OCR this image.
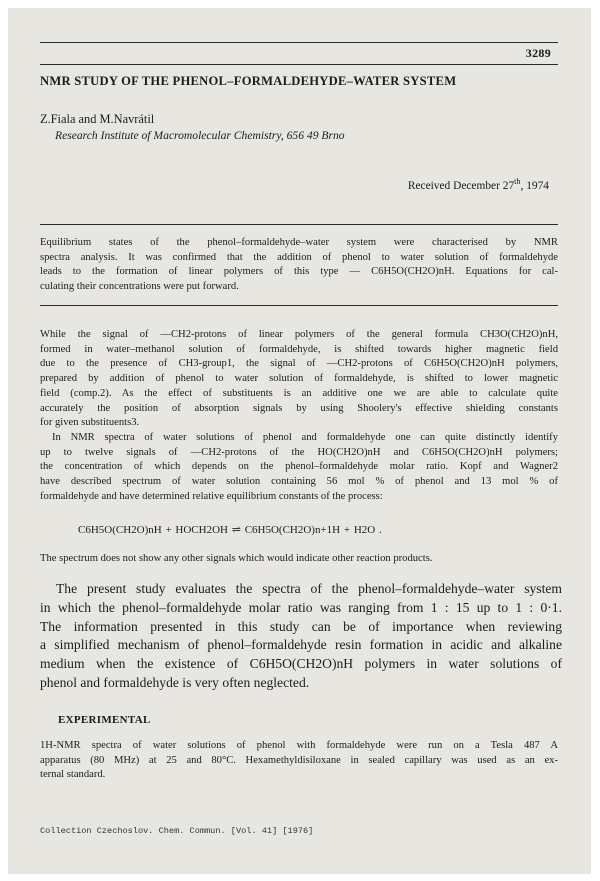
3289
NMR STUDY OF THE PHENOL–FORMALDEHYDE–WATER SYSTEM
Z.Fiala and M.Navrátil
Research Institute of Macromolecular Chemistry, 656 49 Brno
Received December 27th, 1974
Equilibrium states of the phenol–formaldehyde–water system were characterised by NMR
spectra analysis. It was confirmed that the addition of phenol to water solution of formaldehyde
leads to the formation of linear polymers of this type — C6H5O(CH2O)nH. Equations for cal-
culating their concentrations were put forward.
While the signal of —CH2-protons of linear polymers of the general formula CH3O(CH2O)nH,
formed in water–methanol solution of formaldehyde, is shifted towards higher magnetic field
due to the presence of CH3-group1, the signal of —CH2-protons of C6H5O(CH2O)nH polymers,
prepared by addition of phenol to water solution of formaldehyde, is shifted to lower magnetic
field (comp.2). As the effect of substituents is an additive one we are able to calculate quite
accurately the position of absorption signals by using Shoolery's effective shielding constants
for given substituents3.
In NMR spectra of water solutions of phenol and formaldehyde one can quite distinctly identify
up to twelve signals of —CH2-protons of the HO(CH2O)nH and C6H5O(CH2O)nH polymers;
the concentration of which depends on the phenol–formaldehyde molar ratio. Kopf and Wagner2
have described spectrum of water solution containing 56 mol % of phenol and 13 mol % of
formaldehyde and have determined relative equilibrium constants of the process:
C6H5O(CH2O)nH + HOCH2OH ⇌ C6H5O(CH2O)n+1H + H2O .
The spectrum does not show any other signals which would indicate other reaction products.
The present study evaluates the spectra of the phenol–formaldehyde–water system
in which the phenol–formaldehyde molar ratio was ranging from 1 : 15 up to 1 : 0·1.
The information presented in this study can be of importance when reviewing
a simplified mechanism of phenol–formaldehyde resin formation in acidic and alkaline
medium when the existence of C6H5O(CH2O)nH polymers in water solutions of
phenol and formaldehyde is very often neglected.
EXPERIMENTAL
1H-NMR spectra of water solutions of phenol with formaldehyde were run on a Tesla 487 A
apparatus (80 MHz) at 25 and 80°C. Hexamethyldisiloxane in sealed capillary was used as an ex-
ternal standard.
Collection Czechoslov. Chem. Commun. [Vol. 41] [1976]
